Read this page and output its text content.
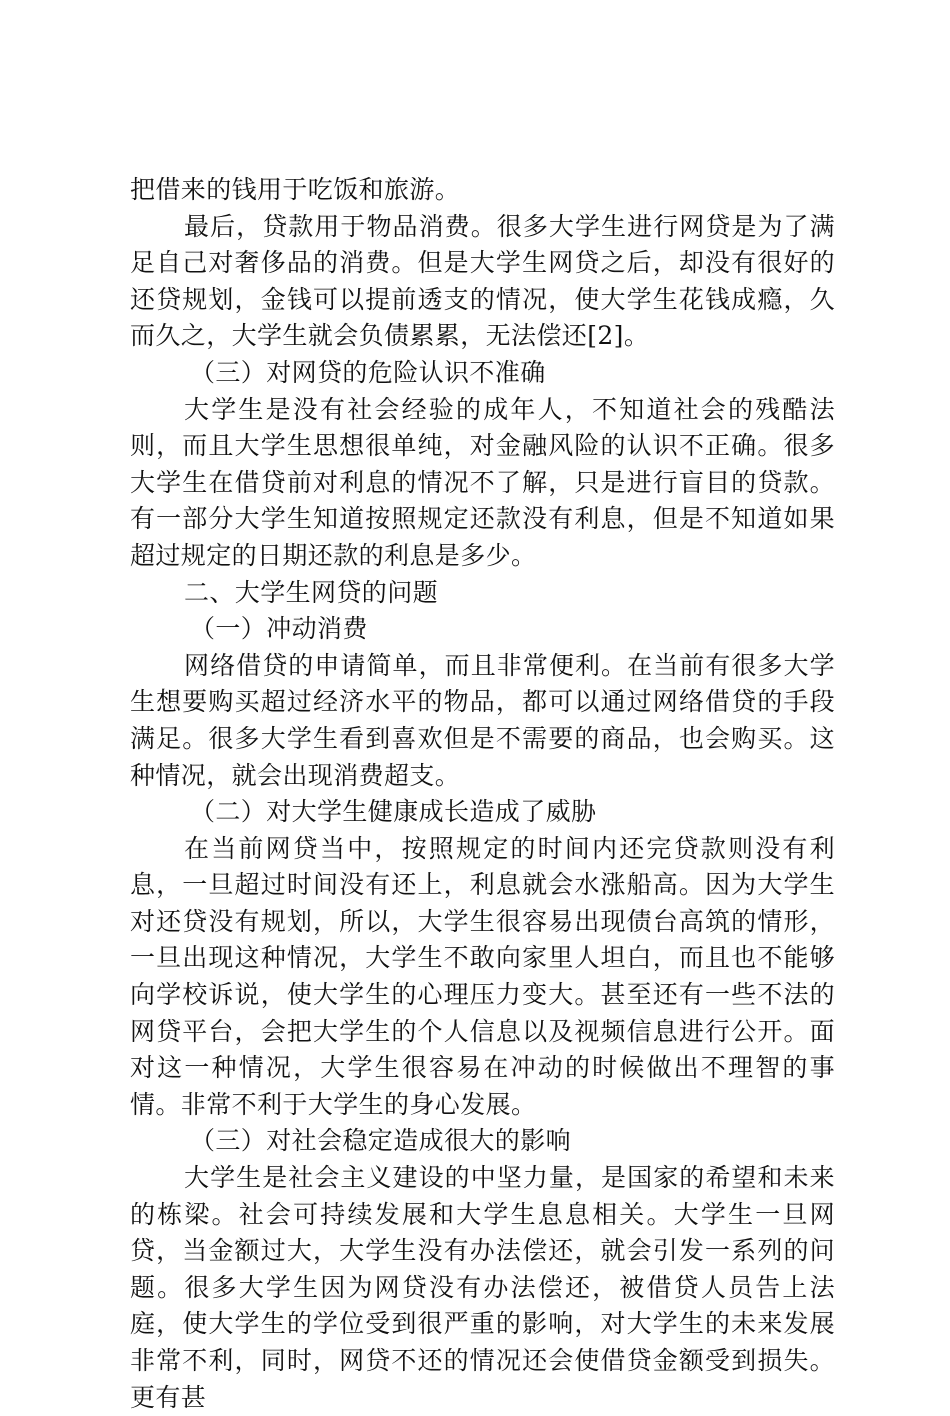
把借来的钱用于吃饭和旅游。

最后，贷款用于物品消费。很多大学生进行网贷是为了满足自己对奢侈品的消费。但是大学生网贷之后，却没有很好的还贷规划，金钱可以提前透支的情况，使大学生花钱成瘾，久而久之，大学生就会负债累累，无法偿还[2]。

（三）对网贷的危险认识不准确

大学生是没有社会经验的成年人，不知道社会的残酷法则，而且大学生思想很单纯，对金融风险的认识不正确。很多大学生在借贷前对利息的情况不了解，只是进行盲目的贷款。有一部分大学生知道按照规定还款没有利息，但是不知道如果超过规定的日期还款的利息是多少。

二、大学生网贷的问题

（一）冲动消费

网络借贷的申请简单，而且非常便利。在当前有很多大学生想要购买超过经济水平的物品，都可以通过网络借贷的手段满足。很多大学生看到喜欢但是不需要的商品，也会购买。这种情况，就会出现消费超支。

（二）对大学生健康成长造成了威胁

在当前网贷当中，按照规定的时间内还完贷款则没有利息，一旦超过时间没有还上，利息就会水涨船高。因为大学生对还贷没有规划，所以，大学生很容易出现债台高筑的情形，一旦出现这种情况，大学生不敢向家里人坦白，而且也不能够向学校诉说，使大学生的心理压力变大。甚至还有一些不法的网贷平台，会把大学生的个人信息以及视频信息进行公开。面对这一种情况，大学生很容易在冲动的时候做出不理智的事情。非常不利于大学生的身心发展。

（三）对社会稳定造成很大的影响

大学生是社会主义建设的中坚力量，是国家的希望和未来的栋梁。社会可持续发展和大学生息息相关。大学生一旦网贷，当金额过大，大学生没有办法偿还，就会引发一系列的问题。很多大学生因为网贷没有办法偿还，被借贷人员告上法庭，使大学生的学位受到很严重的影响，对大学生的未来发展非常不利，同时，网贷不还的情况还会使借贷金额受到损失。更有甚
